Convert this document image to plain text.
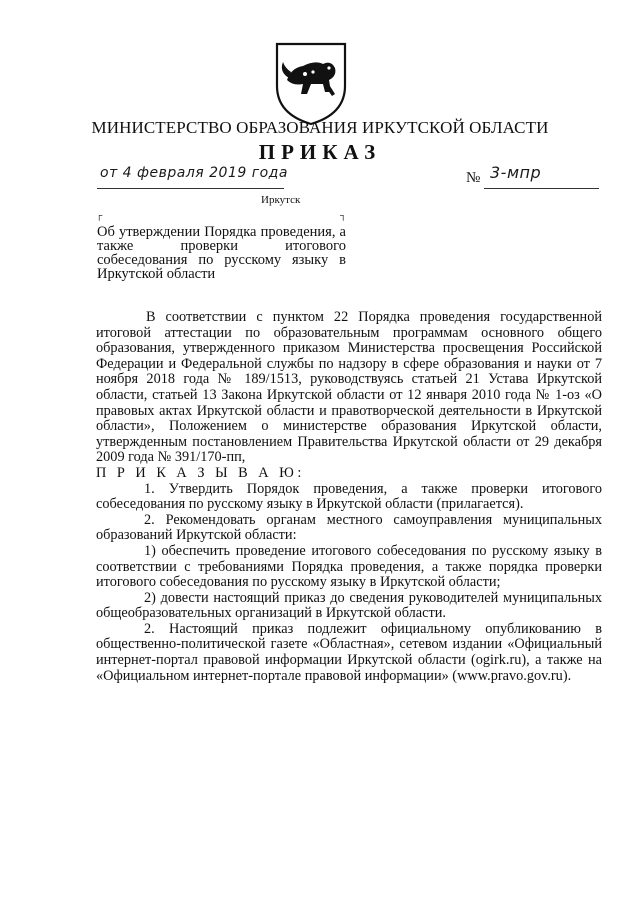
МИНИСТЕРСТВО ОБРАЗОВАНИЯ ИРКУТСКОЙ ОБЛАСТИ
ПРИКАЗ
от 4 февраля 2019 года	№ 3-мпр
Иркутск
┌	┐
Об утверждении Порядка проведения, а также проверки итогового собеседования по русскому языку в Иркутской области

В соответствии с пунктом 22 Порядка проведения государственной итоговой аттестации по образовательным программам основного общего образования, утвержденного приказом Министерства просвещения Российской Федерации и Федеральной службы по надзору в сфере образования и науки от 7 ноября 2018 года № 189/1513, руководствуясь статьей 21 Устава Иркутской области, статьей 13 Закона Иркутской области от 12 января 2010 года № 1-оз «О правовых актах Иркутской области и правотворческой деятельности в Иркутской области», Положением о министерстве образования Иркутской области, утвержденным постановлением Правительства Иркутской области от 29 декабря 2009 года № 391/170-пп,

П Р И К А З Ы В А Ю:

1. Утвердить Порядок проведения, а также проверки итогового собеседования по русскому языку в Иркутской области (прилагается).

2. Рекомендовать органам местного самоуправления муниципальных образований Иркутской области:

1) обеспечить проведение итогового собеседования по русскому языку в соответствии с требованиями Порядка проведения, а также порядка проверки итогового собеседования по русскому языку в Иркутской области;

2) довести настоящий приказ до сведения руководителей муниципальных общеобразовательных организаций в Иркутской области.

2. Настоящий приказ подлежит официальному опубликованию в общественно-политической газете «Областная», сетевом издании «Официальный интернет-портал правовой информации Иркутской области (ogirk.ru), а также на «Официальном интернет-портале правовой информации» (www.pravo.gov.ru).
